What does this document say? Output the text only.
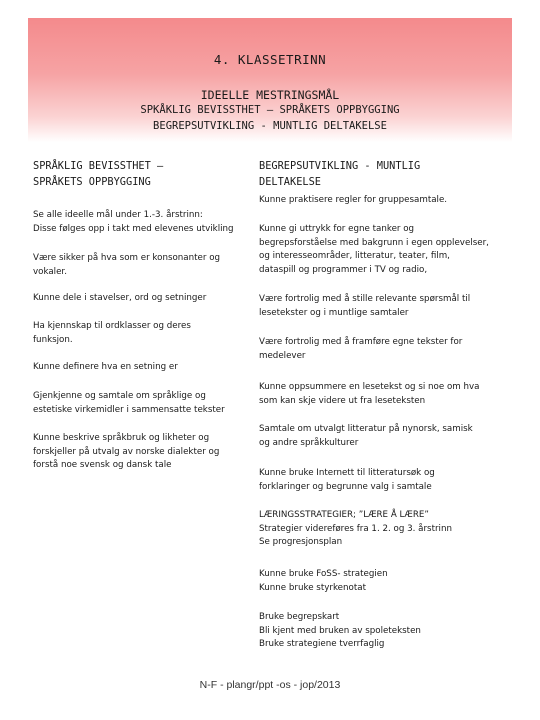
4. KLASSETRINN
IDEELLE MESTRINGSMÅL
SPKÅKLIG BEVISSTHET – SPRÅKETS OPPBYGGING
BEGREPSUTVIKLING - MUNTLIG DELTAKELSE
SPRÅKLIG BEVISSTHET –
SPRÅKETS OPPBYGGING
Se alle ideelle mål under 1.-3. årstrinn:
Disse følges opp i takt med elevenes utvikling
Være sikker på hva som er konsonanter og
vokaler.
Kunne dele i stavelser, ord og setninger
Ha kjennskap til ordklasser og deres
funksjon.
Kunne definere hva en setning er
Gjenkjenne og samtale om språklige og
estetiske virkemidler i sammensatte tekster
Kunne beskrive språkbruk og likheter og
forskjeller på utvalg av norske dialekter og
forstå noe svensk og dansk tale
BEGREPSUTVIKLING - MUNTLIG
DELTAKELSE
Kunne praktisere regler for gruppesamtale.
Kunne gi uttrykk for egne tanker og
begrepsforståelse med bakgrunn i egen opplevelser,
og interesseområder, litteratur, teater, film,
dataspill og programmer i TV og radio,
Være fortrolig med å stille relevante spørsmål til
lesetekster og i muntlige samtaler
Være fortrolig med å framføre egne tekster for
medelever
Kunne oppsummere en lesetekst og si noe om hva
som kan skje videre ut fra leseteksten
Samtale om utvalgt litteratur på nynorsk, samisk
og andre språkkulturer
Kunne bruke Internett til litteratursøk og
forklaringer og begrunne valg i samtale
LÆRINGSSTRATEGIER; ”LÆRE Å LÆRE”
Strategier videreføres fra 1. 2. og 3. årstrinn
Se progresjonsplan
Kunne bruke FoSS- strategien
Kunne bruke styrkenotat
Bruke begrepskart
Bli kjent med bruken av spoleteksten
Bruke strategiene tverrfaglig
N-F - plangr/ppt -os - jop/2013
